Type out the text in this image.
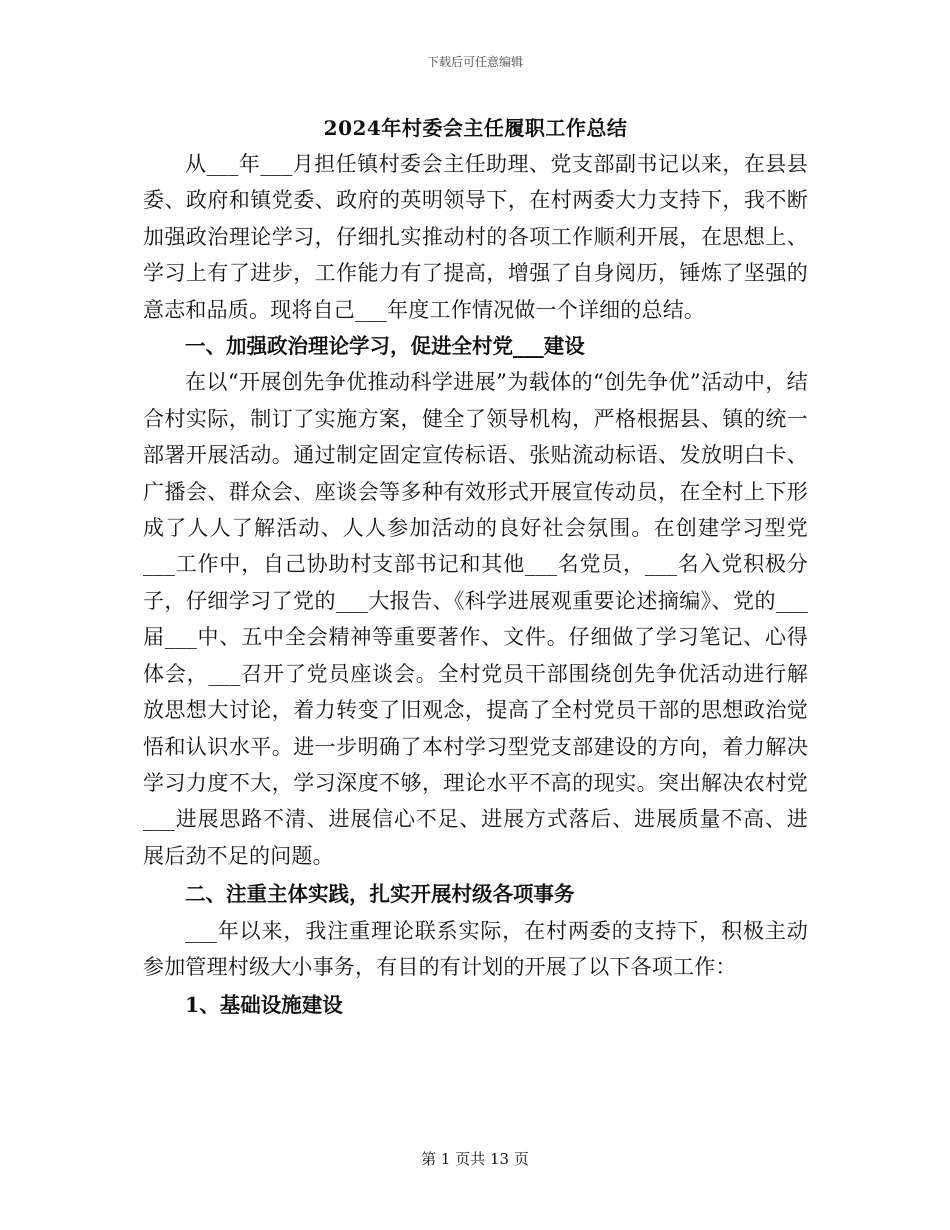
下载后可任意编辑
2024年村委会主任履职工作总结

从___年___月担任镇村委会主任助理、党支部副书记以来，在县县委、政府和镇党委、政府的英明领导下，在村两委大力支持下，我不断加强政治理论学习，仔细扎实推动村的各项工作顺利开展，在思想上、学习上有了进步，工作能力有了提高，增强了自身阅历，锤炼了坚强的意志和品质。现将自己___年度工作情况做一个详细的总结。

一、加强政治理论学习，促进全村党___建设

在以“开展创先争优推动科学进展”为载体的“创先争优”活动中，结合村实际，制订了实施方案，健全了领导机构，严格根据县、镇的统一部署开展活动。通过制定固定宣传标语、张贴流动标语、发放明白卡、广播会、群众会、座谈会等多种有效形式开展宣传动员，在全村上下形成了人人了解活动、人人参加活动的良好社会氛围。在创建学习型党___工作中，自己协助村支部书记和其他___名党员，___名入党积极分子，仔细学习了党的___大报告、《科学进展观重要论述摘编》、党的___届___中、五中全会精神等重要著作、文件。仔细做了学习笔记、心得体会，___召开了党员座谈会。全村党员干部围绕创先争优活动进行解放思想大讨论，着力转变了旧观念，提高了全村党员干部的思想政治觉悟和认识水平。进一步明确了本村学习型党支部建设的方向，着力解决学习力度不大，学习深度不够，理论水平不高的现实。突出解决农村党___进展思路不清、进展信心不足、进展方式落后、进展质量不高、进展后劲不足的问题。

二、注重主体实践，扎实开展村级各项事务

___年以来，我注重理论联系实际，在村两委的支持下，积极主动参加管理村级大小事务，有目的有计划的开展了以下各项工作：

1、基础设施建设
第 1 页共 13 页
